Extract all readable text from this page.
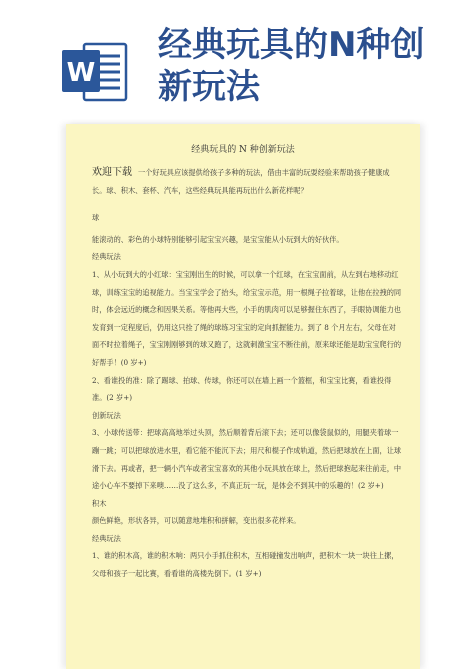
W
经典玩具的N种创
新玩法
经典玩具的 N 种创新玩法

欢迎下载 一个好玩具应该提供给孩子多种的玩法，借由丰富的玩耍经验来帮助孩子健康成长。球、积木、套杯、汽车，这些经典玩具能再玩出什么新花样呢？

球

能滚动的、彩色的小球特别能够引起宝宝兴趣，是宝宝能从小玩到大的好伙伴。

经典玩法

1、从小玩到大的小红球：宝宝刚出生的时候，可以拿一个红球，在宝宝面前，从左到右地移动红球，训练宝宝的追视能力。当宝宝学会了抬头，给宝宝示范，用一根绳子拉着球，让他在拉拽的同时，体会远近的概念和因果关系。等他再大些，小手的肌肉可以足够握住东西了，手眼协调能力也发育到一定程度后，仍用这只拴了绳的球练习宝宝的定向抓握能力。到了 8 个月左右，父母在对面不时拉着绳子，宝宝刚刚够到的球又跑了，这就刺激宝宝不断往前，原来球还能是助宝宝爬行的好帮手！(0 岁+)

2、看谁投的准：除了踢球、拍球、传球，你还可以在墙上画一个篮框，和宝宝比赛，看谁投得准。(2 岁+)

创新玩法

3、小球传送带：把球高高地举过头顶，然后顺着背后滚下去；还可以像袋鼠似的，用腿夹着球一蹦一跳；可以把球放进水里，看它能不能沉下去；用尺和棍子作成轨道，然后把球放在上面，让球滑下去。再或者，把一辆小汽车或者宝宝喜欢的其他小玩具放在球上，然后把球抱起来往前走，中途小心车不要掉下来噢……没了这么多，不真正玩一玩，是体会不到其中的乐趣的！(2 岁+)

积木

颜色鲜艳，形状各异，可以随意地堆积和拼解，变出很多花样来。

经典玩法

1、谁的积木高，谁的积木响：两只小手抓住积木，互相碰撞发出响声，把积木一块一块往上摞，父母和孩子一起比赛，看看谁的高楼先倒下。(1 岁+)
